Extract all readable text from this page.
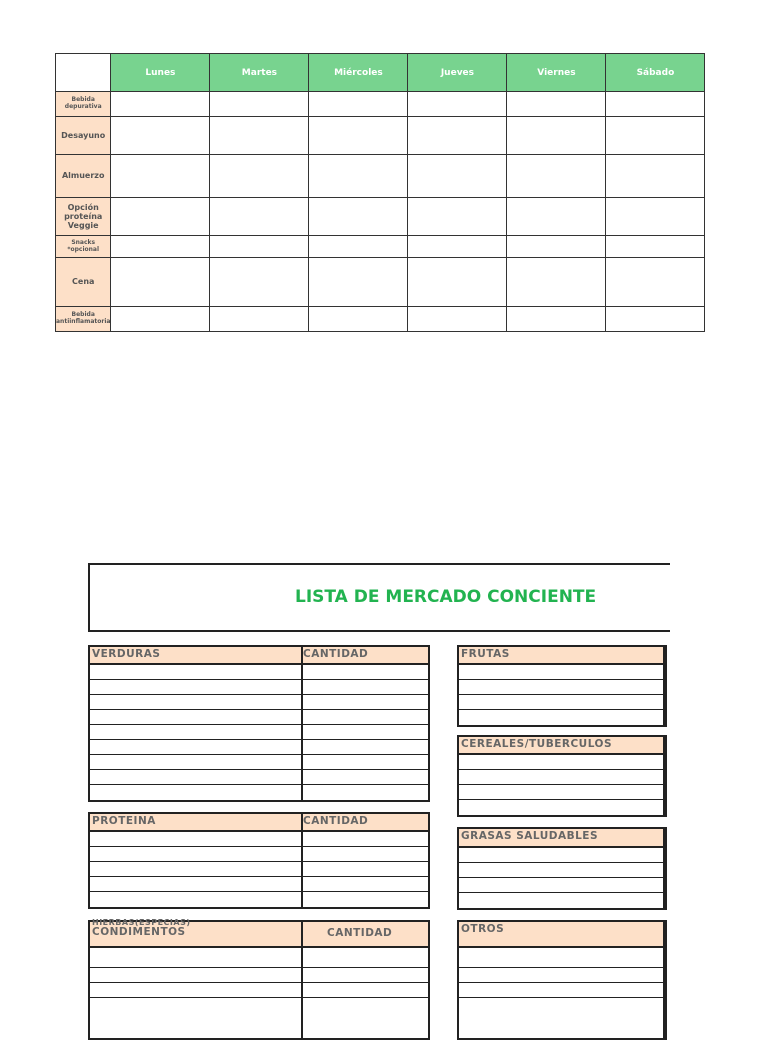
	Lunes	Martes	Miércoles	Jueves	Viernes	Sábado
Bebida depurativa						
Desayuno						
Almuerzo						
Opción proteína Veggie						
Snacks *opcional						
Cena						
Bebida antiinflamatoria						
LISTA DE MERCADO CONCIENTE
VERDURAS	CANTIDAD
PROTEINA	CANTIDAD
HIERBAS(ESPECIAS)
CONDIMENTOS	CANTIDAD
FRUTAS
CEREALES/TUBERCULOS
GRASAS SALUDABLES
OTROS
